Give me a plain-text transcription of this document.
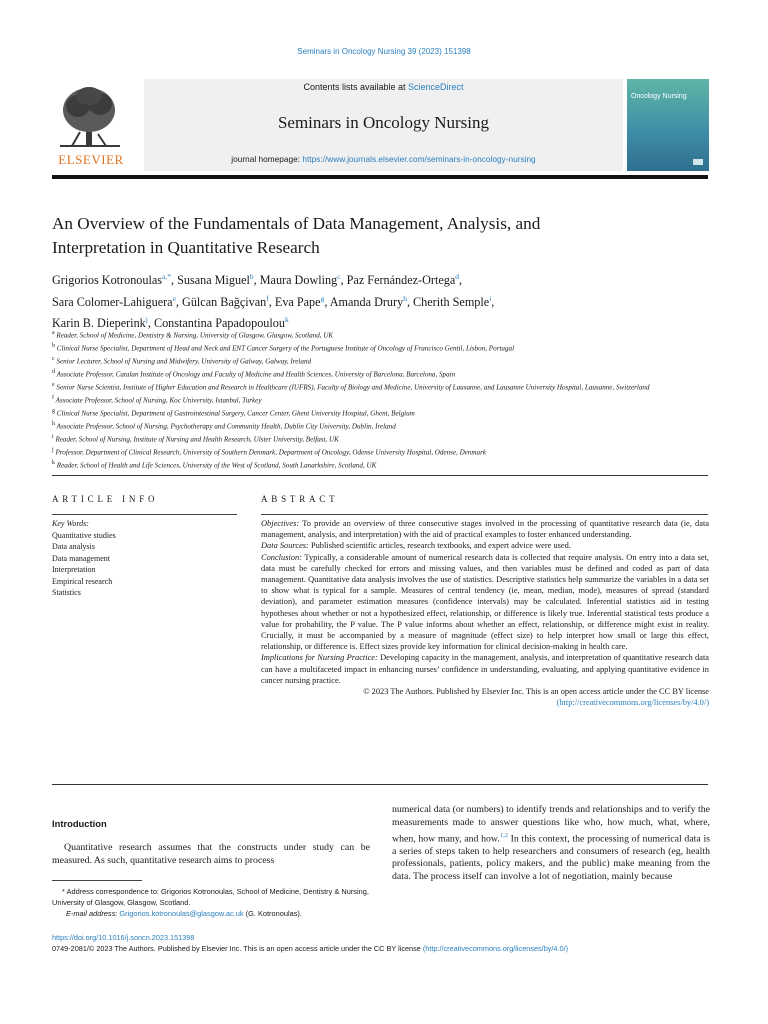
Seminars in Oncology Nursing 39 (2023) 151398
ELSEVIER
Contents lists available at ScienceDirect
Seminars in Oncology Nursing
journal homepage: https://www.journals.elsevier.com/seminars-in-oncology-nursing
Oncology Nursing
An Overview of the Fundamentals of Data Management, Analysis, and
Interpretation in Quantitative Research
Grigorios Kotronoulas$^{a,*}$, Susana Miguel$^b$, Maura Dowling$^c$, Paz Fernández-Ortega$^d$,
Sara Colomer-Lahiguera$^e$, Gülcan Bağçivan$^f$, Eva Pape$^g$, Amanda Drury$^h$, Cherith Semple$^i$,
Karin B. Dieperink$^j$, Constantina Papadopoulou$^k$
$^a$ Reader, School of Medicine, Dentistry & Nursing, University of Glasgow, Glasgow, Scotland, UK
$^b$ Clinical Nurse Specialist, Department of Head and Neck and ENT Cancer Surgery of the Portuguese Institute of Oncology of Francisco Gentil, Lisbon, Portugal
$^c$ Senior Lecturer, School of Nursing and Midwifery, University of Galway, Galway, Ireland
$^d$ Associate Professor, Catalan Institute of Oncology and Faculty of Medicine and Health Sciences, University of Barcelona, Barcelona, Spain
$^e$ Senior Nurse Scientist, Institute of Higher Education and Research in Healthcare (IUFRS), Faculty of Biology and Medicine, University of Lausanne, and Lausanne University Hospital, Lausanne, Switzerland
$^f$ Associate Professor, School of Nursing, Koc University, Istanbul, Turkey
$^g$ Clinical Nurse Specialist, Department of Gastrointestinal Surgery, Cancer Center, Ghent University Hospital, Ghent, Belgium
$^h$ Associate Professor, School of Nursing, Psychotherapy and Community Health, Dublin City University, Dublin, Ireland
$^i$ Reader, School of Nursing, Institute of Nursing and Health Research, Ulster University, Belfast, UK
$^j$ Professor, Department of Clinical Research, University of Southern Denmark, Department of Oncology, Odense University Hospital, Odense, Denmark
$^k$ Reader, School of Health and Life Sciences, University of the West of Scotland, South Lanarkshire, Scotland, UK
ARTICLE INFO
Key Words:
Quantitative studies
Data analysis
Data management
Interpretation
Empirical research
Statistics
ABSTRACT

Objectives: To provide an overview of three consecutive stages involved in the processing of quantitative research data (ie, data management, analysis, and interpretation) with the aid of practical examples to foster enhanced understanding.

Data Sources: Published scientific articles, research textbooks, and expert advice were used.

Conclusion: Typically, a considerable amount of numerical research data is collected that require analysis. On entry into a data set, data must be carefully checked for errors and missing values, and then variables must be defined and coded as part of data management. Quantitative data analysis involves the use of statistics. Descriptive statistics help summarize the variables in a data set to show what is typical for a sample. Measures of central tendency (ie, mean, median, mode), measures of spread (standard deviation), and parameter estimation measures (confidence intervals) may be calculated. Inferential statistics aid in testing hypotheses about whether or not a hypothesized effect, relationship, or difference is likely true. Inferential statistical tests produce a value for probability, the P value. The P value informs about whether an effect, relationship, or difference might exist in reality. Crucially, it must be accompanied by a measure of magnitude (effect size) to help interpret how small or large this effect, relationship, or difference is. Effect sizes provide key information for clinical decision-making in health care.

Implications for Nursing Practice: Developing capacity in the management, analysis, and interpretation of quantitative research data can have a multifaceted impact in enhancing nurses’ confidence in understanding, evaluating, and applying quantitative evidence in cancer nursing practice.

© 2023 The Authors. Published by Elsevier Inc. This is an open access article under the CC BY license

(http://creativecommons.org/licenses/by/4.0/)

Introduction

Quantitative research assumes that the constructs under study can be measured. As such, quantitative research aims to process

numerical data (or numbers) to identify trends and relationships and to verify the measurements made to answer questions like who, how much, what, where, when, how many, and how.$^{1,2}$ In this context, the processing of numerical data is a series of steps taken to help researchers and consumers of research (eg, health professionals, patients, policy makers, and the public) make meaning from the data. The process itself can involve a lot of negotiation, mainly because

* Address correspondence to: Grigorios Kotronoulas, School of Medicine, Dentistry & Nursing, University of Glasgow, Glasgow, Scotland.
E-mail address: Grigorios.kotronoulas@glasgow.ac.uk (G. Kotronoulas).
https://doi.org/10.1016/j.soncn.2023.151398
0749-2081/© 2023 The Authors. Published by Elsevier Inc. This is an open access article under the CC BY license (http://creativecommons.org/licenses/by/4.0/)
